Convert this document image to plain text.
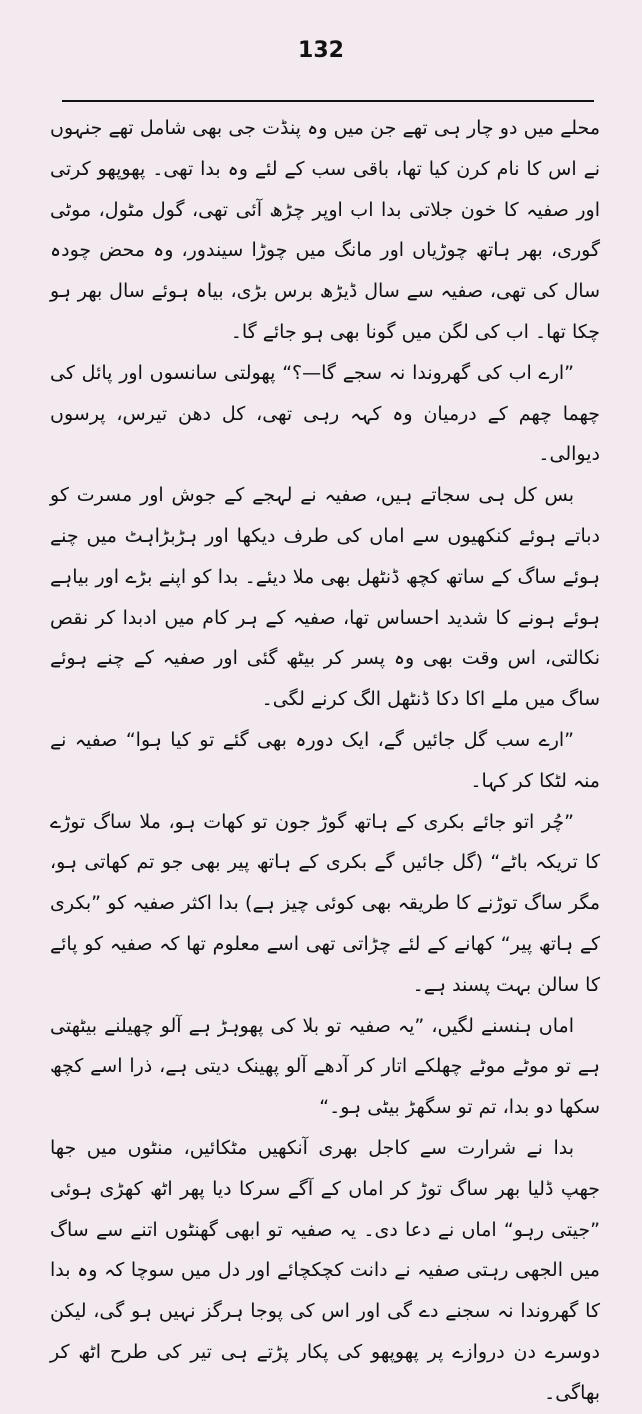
132

محلے میں دو چار ہی تھے جن میں وہ پنڈت جی بھی شامل تھے جنہوں نے اس کا نام کرن کیا تھا، باقی سب کے لئے وہ بدا تھی۔ پھوپھو کرتی اور صفیہ کا خون جلاتی بدا اب اوپر چڑھ آئی تھی، گول مٹول، موٹی گوری، بھر ہاتھ چوڑیاں اور مانگ میں چوڑا سیندور، وہ محض چودہ سال کی تھی، صفیہ سے سال ڈیڑھ برس بڑی، بیاہ ہوئے سال بھر ہو چکا تھا۔ اب کی لگن میں گونا بھی ہو جائے گا۔

”ارے اب کی گھروندا نہ سجے گا—؟“ پھولتی سانسوں اور پائل کی چھما چھم کے درمیان وہ کہہ رہی تھی، کل دھن تیرس، پرسوں دیوالی۔

بس کل ہی سجاتے ہیں، صفیہ نے لہجے کے جوش اور مسرت کو دباتے ہوئے کنکھیوں سے اماں کی طرف دیکھا اور ہڑبڑاہٹ میں چنے ہوئے ساگ کے ساتھ کچھ ڈنٹھل بھی ملا دیئے۔ بدا کو اپنے بڑے اور بیاہے ہوئے ہونے کا شدید احساس تھا، صفیہ کے ہر کام میں ادبدا کر نقص نکالتی، اس وقت بھی وہ پسر کر بیٹھ گئی اور صفیہ کے چنے ہوئے ساگ میں ملے اکا دکا ڈنٹھل الگ کرنے لگی۔

”ارے سب گل جائیں گے، ایک دورہ بھی گئے تو کیا ہوا“ صفیہ نے منہ لٹکا کر کہا۔

”چُر اتو جائے بکری کے ہاتھ گوڑ جون تو کھات ہو، ملا ساگ توڑے کا تریکہ باٹے“ (گل جائیں گے بکری کے ہاتھ پیر بھی جو تم کھاتی ہو، مگر ساگ توڑنے کا طریقہ بھی کوئی چیز ہے) بدا اکثر صفیہ کو ”بکری کے ہاتھ پیر“ کھانے کے لئے چڑاتی تھی اسے معلوم تھا کہ صفیہ کو پائے کا سالن بہت پسند ہے۔

اماں ہنسنے لگیں، ”یہ صفیہ تو بلا کی پھوہڑ ہے آلو چھیلنے بیٹھتی ہے تو موٹے موٹے چھلکے اتار کر آدھے آلو پھینک دیتی ہے، ذرا اسے کچھ سکھا دو بدا، تم تو سگھڑ بیٹی ہو۔“

بدا نے شرارت سے کاجل بھری آنکھیں مٹکائیں، منٹوں میں جھا جھپ ڈلیا بھر ساگ توڑ کر اماں کے آگے سرکا دیا پھر اٹھ کھڑی ہوئی ”جیتی رہو“ اماں نے دعا دی۔ یہ صفیہ تو ابھی گھنٹوں اتنے سے ساگ میں الجھی رہتی صفیہ نے دانت کچکچائے اور دل میں سوچا کہ وہ بدا کا گھروندا نہ سجنے دے گی اور اس کی پوجا ہرگز نہیں ہو گی، لیکن دوسرے دن دروازے پر پھوپھو کی پکار پڑتے ہی تیر کی طرح اٹھ کر بھاگی۔
